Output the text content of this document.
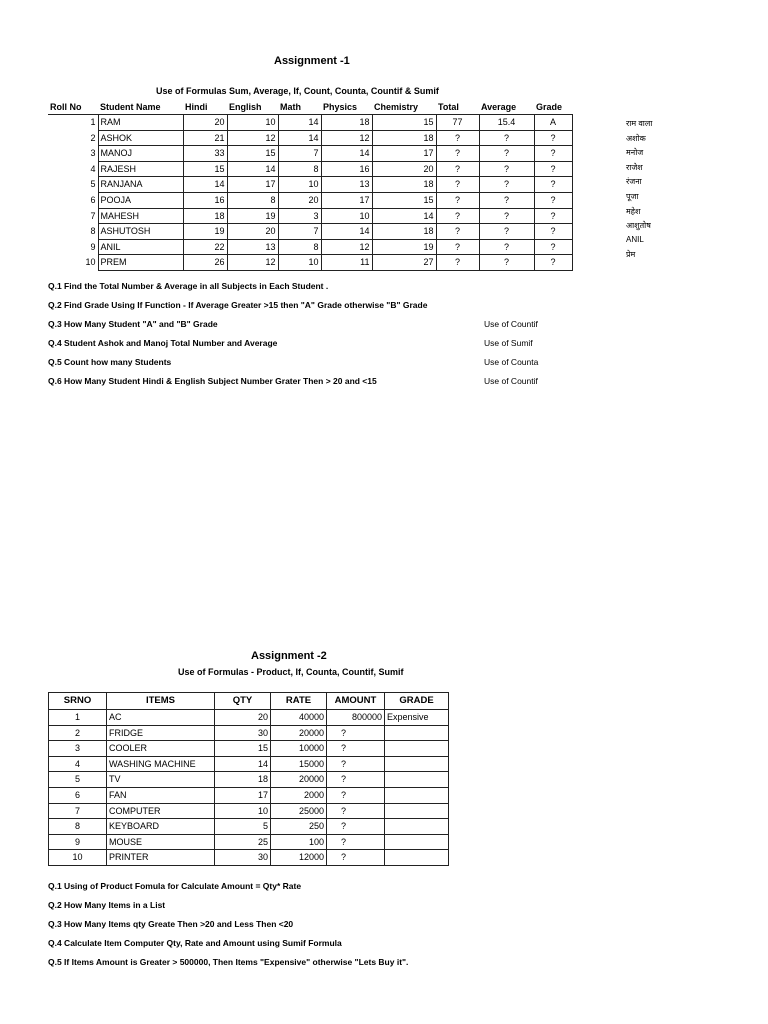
Assignment -1
Use of Formulas Sum, Average, If, Count, Counta, Countif & Sumif
Roll No	Student Name	Hindi	English	Math	Physics	Chemistry	Total	Average	Grade
1	RAM	20	10	14	18	15	77	15.4	A
2	ASHOK	21	12	14	12	18	?	?	?
3	MANOJ	33	15	7	14	17	?	?	?
4	RAJESH	15	14	8	16	20	?	?	?
5	RANJANA	14	17	10	13	18	?	?	?
6	POOJA	16	8	20	17	15	?	?	?
7	MAHESH	18	19	3	10	14	?	?	?
8	ASHUTOSH	19	20	7	14	18	?	?	?
9	ANIL	22	13	8	12	19	?	?	?
10	PREM	26	12	10	11	27	?	?	?
राम वाला
अशोक
मनोज
राजेश
रंजना
पूजा
महेश
आशुतोष
ANIL
प्रेम
Q.1 Find the Total Number & Average in all Subjects in Each Student .
Q.2 Find Grade Using If Function - If Average Greater >15 then "A" Grade otherwise "B" Grade
Q.3 How Many Student "A" and "B" Grade
Q.4 Student Ashok and Manoj Total Number and Average
Q.5 Count how many Students
Q.6 How Many Student Hindi & English Subject Number Grater Then > 20 and <15
Use of Countif
Use of Sumif
Use of Counta
Use of Countif
Assignment -2
Use of Formulas - Product, If, Counta, Countif, Sumif
SRNO	ITEMS	QTY	RATE	AMOUNT	GRADE
1	AC	20	40000	800000	Expensive
2	FRIDGE	30	20000	?	
3	COOLER	15	10000	?	
4	WASHING MACHINE	14	15000	?	
5	TV	18	20000	?	
6	FAN	17	2000	?	
7	COMPUTER	10	25000	?	
8	KEYBOARD	5	250	?	
9	MOUSE	25	100	?	
10	PRINTER	30	12000	?	
Q.1 Using of Product Fomula for Calculate Amount = Qty* Rate
Q.2 How Many Items in a List
Q.3 How Many Items qty Greate Then >20 and Less Then <20
Q.4 Calculate Item Computer Qty, Rate and Amount using Sumif Formula
Q.5 If Items Amount is Greater > 500000, Then Items "Expensive" otherwise "Lets Buy it".
